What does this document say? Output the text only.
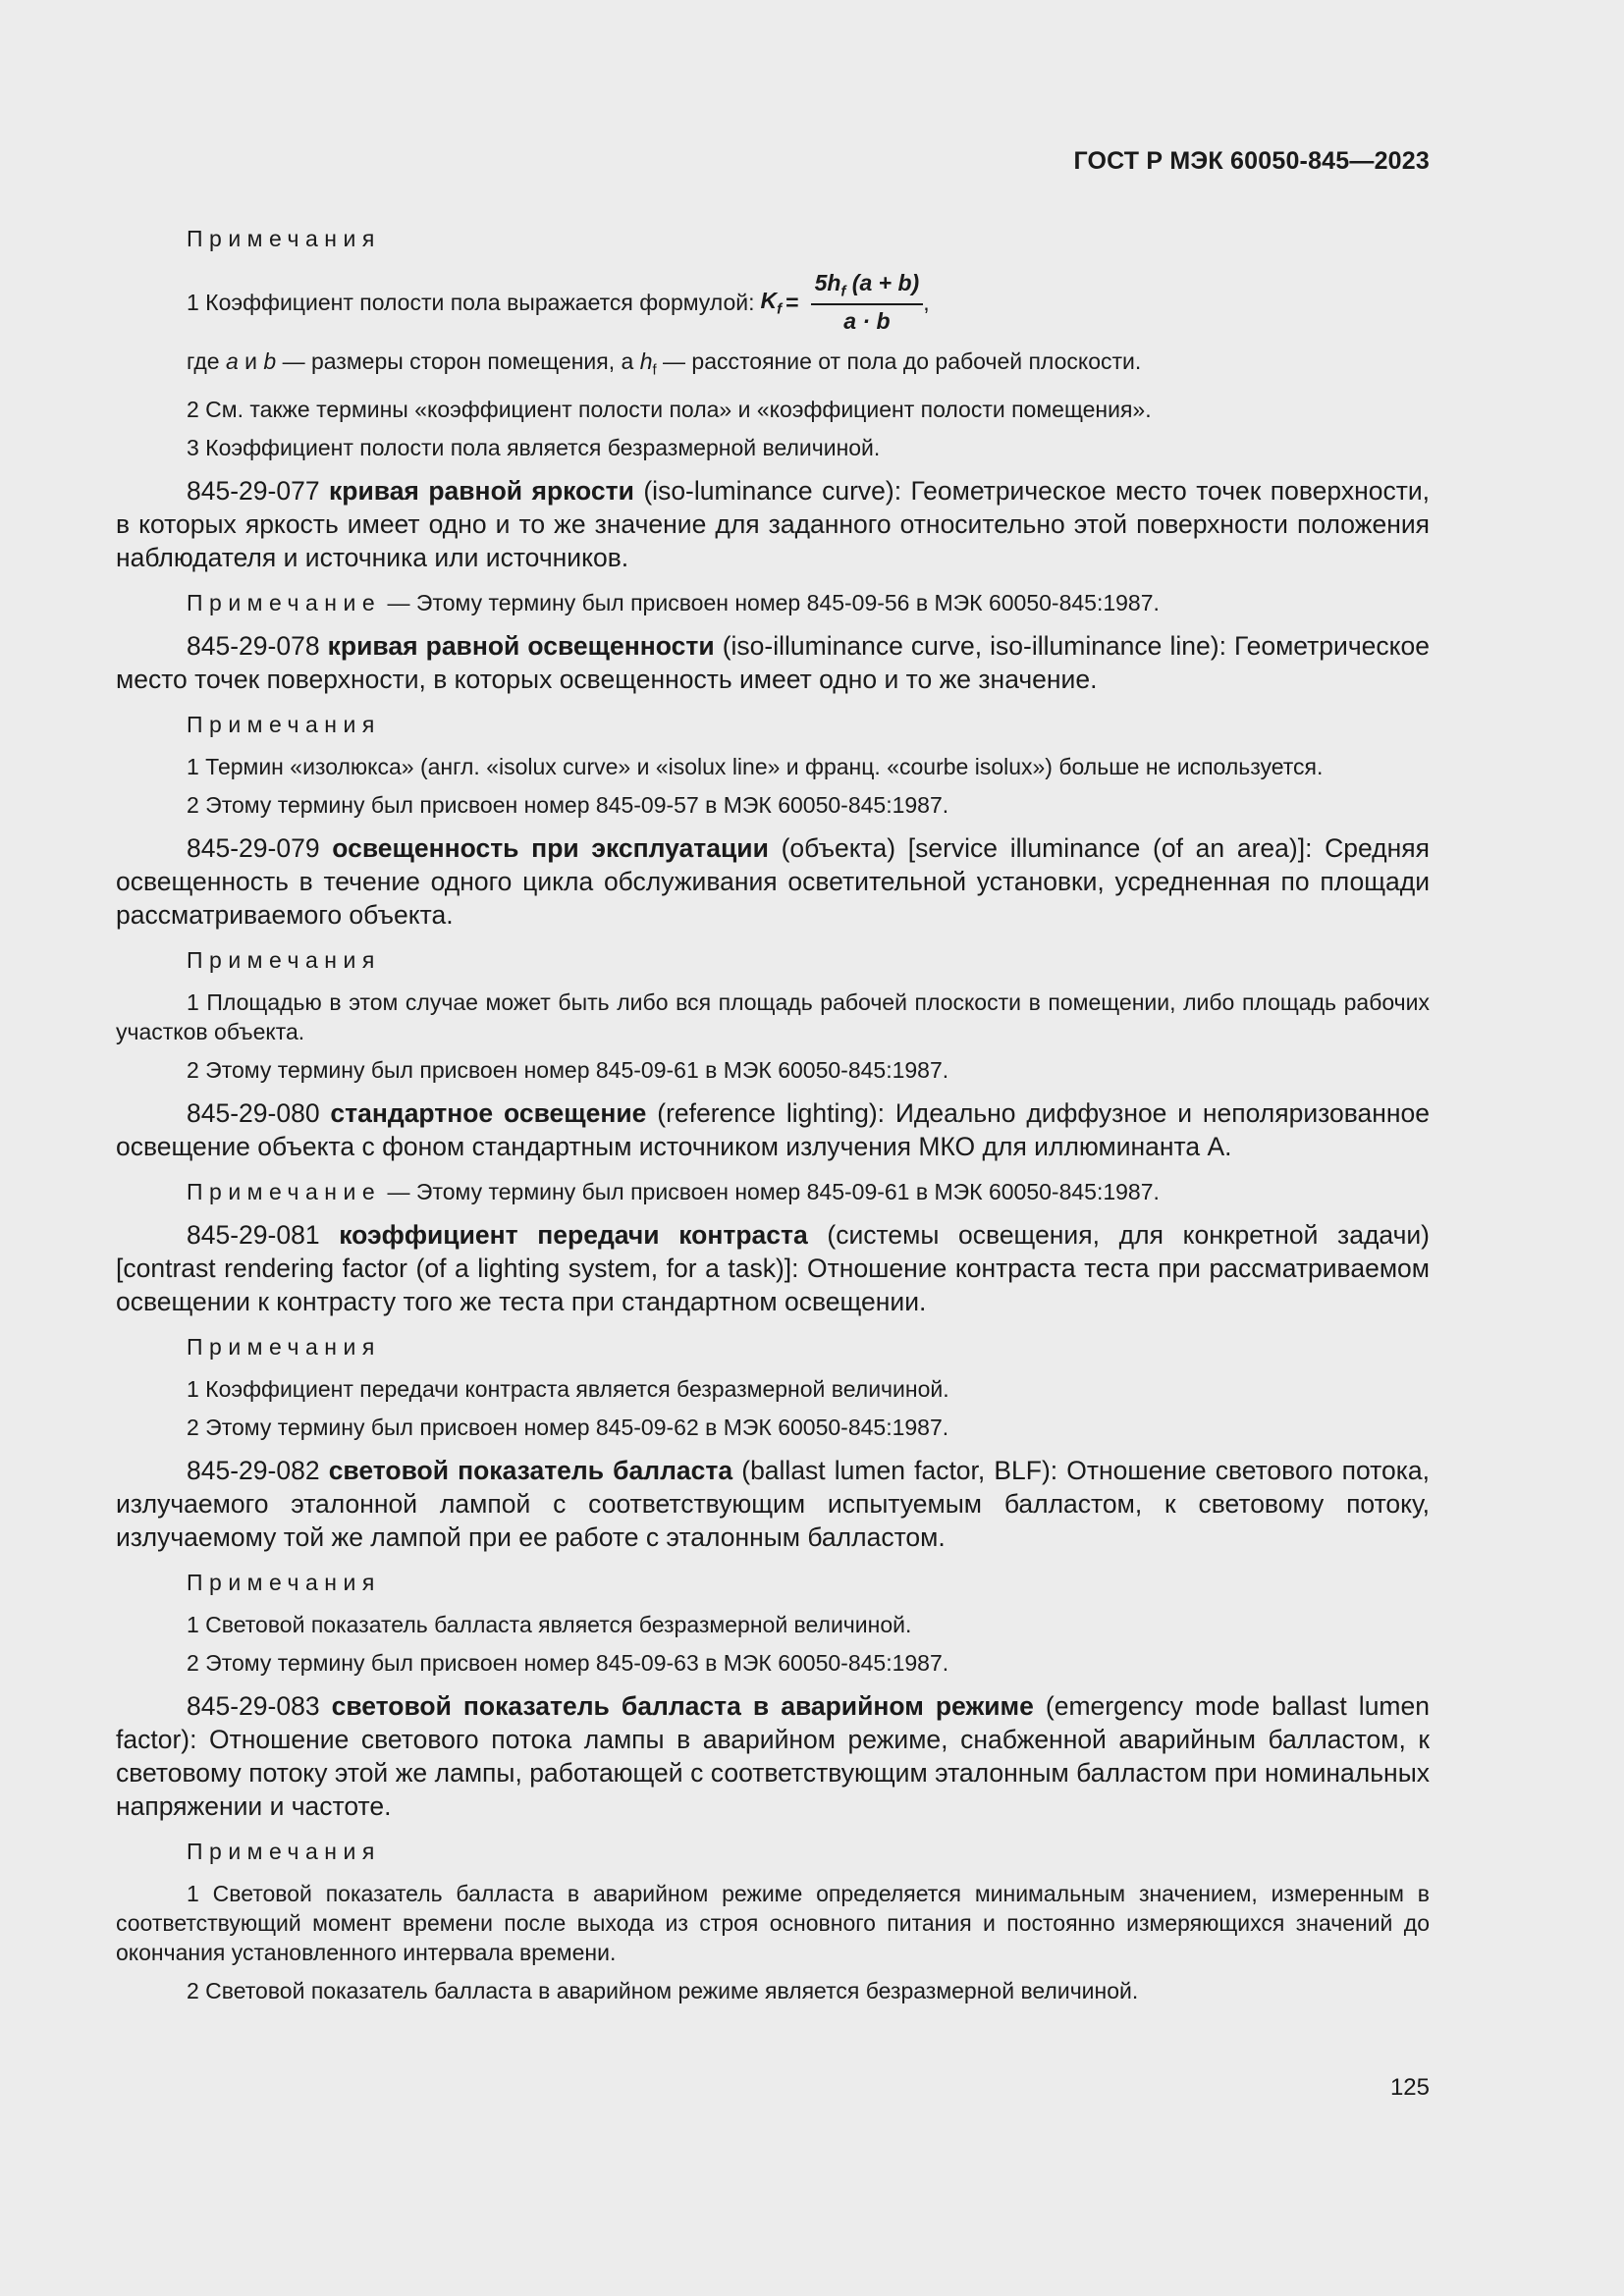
ГОСТ Р МЭК 60050-845—2023
Примечания
1 Коэффициент полости пола выражается формулой: $K_f = \frac{5h_f (a + b)}{a \cdot b}$ ,

где a и b — размеры сторон помещения, а $h_f$ — расстояние от пола до рабочей плоскости.

2 См. также термины «коэффициент полости пола» и «коэффициент полости помещения».

3 Коэффициент полости пола является безразмерной величиной.

845-29-077 кривая равной яркости (iso-luminance curve): Геометрическое место точек поверхности, в которых яркость имеет одно и то же значение для заданного относительно этой поверхности положения наблюдателя и источника или источников.

Примечание — Этому термину был присвоен номер 845-09-56 в МЭК 60050-845:1987.

845-29-078 кривая равной освещенности (iso-illuminance curve, iso-illuminance line): Геометрическое место точек поверхности, в которых освещенность имеет одно и то же значение.

Примечания

1 Термин «изолюкса» (англ. «isolux curve» и «isolux line» и франц. «courbe isolux») больше не используется.

2 Этому термину был присвоен номер 845-09-57 в МЭК 60050-845:1987.

845-29-079 освещенность при эксплуатации (объекта) [service illuminance (of an area)]: Средняя освещенность в течение одного цикла обслуживания осветительной установки, усредненная по площади рассматриваемого объекта.

Примечания

1 Площадью в этом случае может быть либо вся площадь рабочей плоскости в помещении, либо площадь рабочих участков объекта.

2 Этому термину был присвоен номер 845-09-61 в МЭК 60050-845:1987.

845-29-080 стандартное освещение (reference lighting): Идеально диффузное и неполяризованное освещение объекта с фоном стандартным источником излучения МКО для иллюминанта А.

Примечание — Этому термину был присвоен номер 845-09-61 в МЭК 60050-845:1987.

845-29-081 коэффициент передачи контраста (системы освещения, для конкретной задачи) [contrast rendering factor (of a lighting system, for a task)]: Отношение контраста теста при рассматриваемом освещении к контрасту того же теста при стандартном освещении.

Примечания

1 Коэффициент передачи контраста является безразмерной величиной.

2 Этому термину был присвоен номер 845-09-62 в МЭК 60050-845:1987.

845-29-082 световой показатель балласта (ballast lumen factor, BLF): Отношение светового потока, излучаемого эталонной лампой с соответствующим испытуемым балластом, к световому потоку, излучаемому той же лампой при ее работе с эталонным балластом.

Примечания

1 Световой показатель балласта является безразмерной величиной.

2 Этому термину был присвоен номер 845-09-63 в МЭК 60050-845:1987.

845-29-083 световой показатель балласта в аварийном режиме (emergency mode ballast lumen factor): Отношение светового потока лампы в аварийном режиме, снабженной аварийным балластом, к световому потоку этой же лампы, работающей с соответствующим эталонным балластом при номинальных напряжении и частоте.

Примечания

1 Световой показатель балласта в аварийном режиме определяется минимальным значением, измеренным в соответствующий момент времени после выхода из строя основного питания и постоянно измеряющихся значений до окончания установленного интервала времени.

2 Световой показатель балласта в аварийном режиме является безразмерной величиной.

125
